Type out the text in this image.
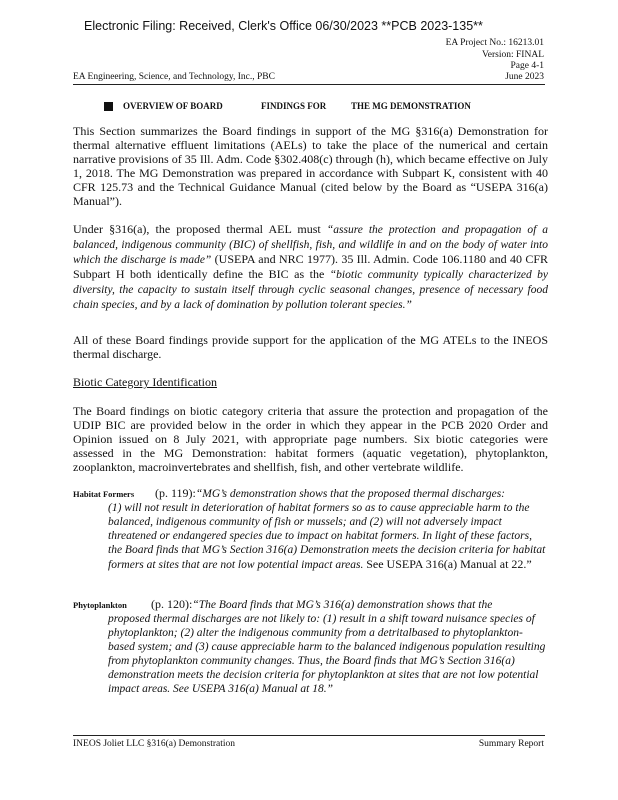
Electronic Filing: Received, Clerk's Office 06/30/2023 **PCB 2023-135**
EA Project No.: 16213.01
Version: FINAL
Page 4-1
EA Engineering, Science, and Technology, Inc., PBC	June 2023
OVERVIEW OF BOARD	FINDINGS FOR	THE MG DEMONSTRATION

This Section summarizes the Board findings in support of the MG §316(a) Demonstration for thermal alternative effluent limitations (AELs) to take the place of the numerical and certain narrative provisions of 35 Ill. Adm. Code §302.408(c) through (h), which became effective on July 1, 2018. The MG Demonstration was prepared in accordance with Subpart K, consistent with 40 CFR 125.73 and the Technical Guidance Manual (cited below by the Board as “USEPA 316(a) Manual”).

Under §316(a), the proposed thermal AEL must “assure the protection and propagation of a balanced, indigenous community (BIC) of shellfish, fish, and wildlife in and on the body of water into which the discharge is made” (USEPA and NRC 1977). 35 Ill. Admin. Code 106.1180 and 40 CFR Subpart H both identically define the BIC as the “biotic community typically characterized by diversity, the capacity to sustain itself through cyclic seasonal changes, presence of necessary food chain species, and by a lack of domination by pollution tolerant species.”

All of these Board findings provide support for the application of the MG ATELs to the INEOS thermal discharge.

Biotic Category Identification

The Board findings on biotic category criteria that assure the protection and propagation of the UDIP BIC are provided below in the order in which they appear in the PCB 2020 Order and Opinion issued on 8 July 2021, with appropriate page numbers. Six biotic categories were assessed in the MG Demonstration: habitat formers (aquatic vegetation), phytoplankton, zooplankton, macroinvertebrates and shellfish, fish, and other vertebrate wildlife.

Habitat Formers (p. 119):“MG’s demonstration shows that the proposed thermal discharges:
(1) will not result in deterioration of habitat formers so as to cause appreciable harm to the balanced, indigenous community of fish or mussels; and (2) will not adversely impact threatened or endangered species due to impact on habitat formers. In light of these factors, the Board finds that MG’s Section 316(a) Demonstration meets the decision criteria for habitat formers at sites that are not low potential impact areas. See USEPA 316(a) Manual at 22.”
Phytoplankton (p. 120):“The Board finds that MG’s 316(a) demonstration shows that the
proposed thermal discharges are not likely to: (1) result in a shift toward nuisance species of phytoplankton; (2) alter the indigenous community from a detritalbased to phytoplankton-based system; and (3) cause appreciable harm to the balanced indigenous population resulting from phytoplankton community changes. Thus, the Board finds that MG’s Section 316(a) demonstration meets the decision criteria for phytoplankton at sites that are not low potential impact areas. See USEPA 316(a) Manual at 18.”
INEOS Joliet LLC §316(a) Demonstration	Summary Report
